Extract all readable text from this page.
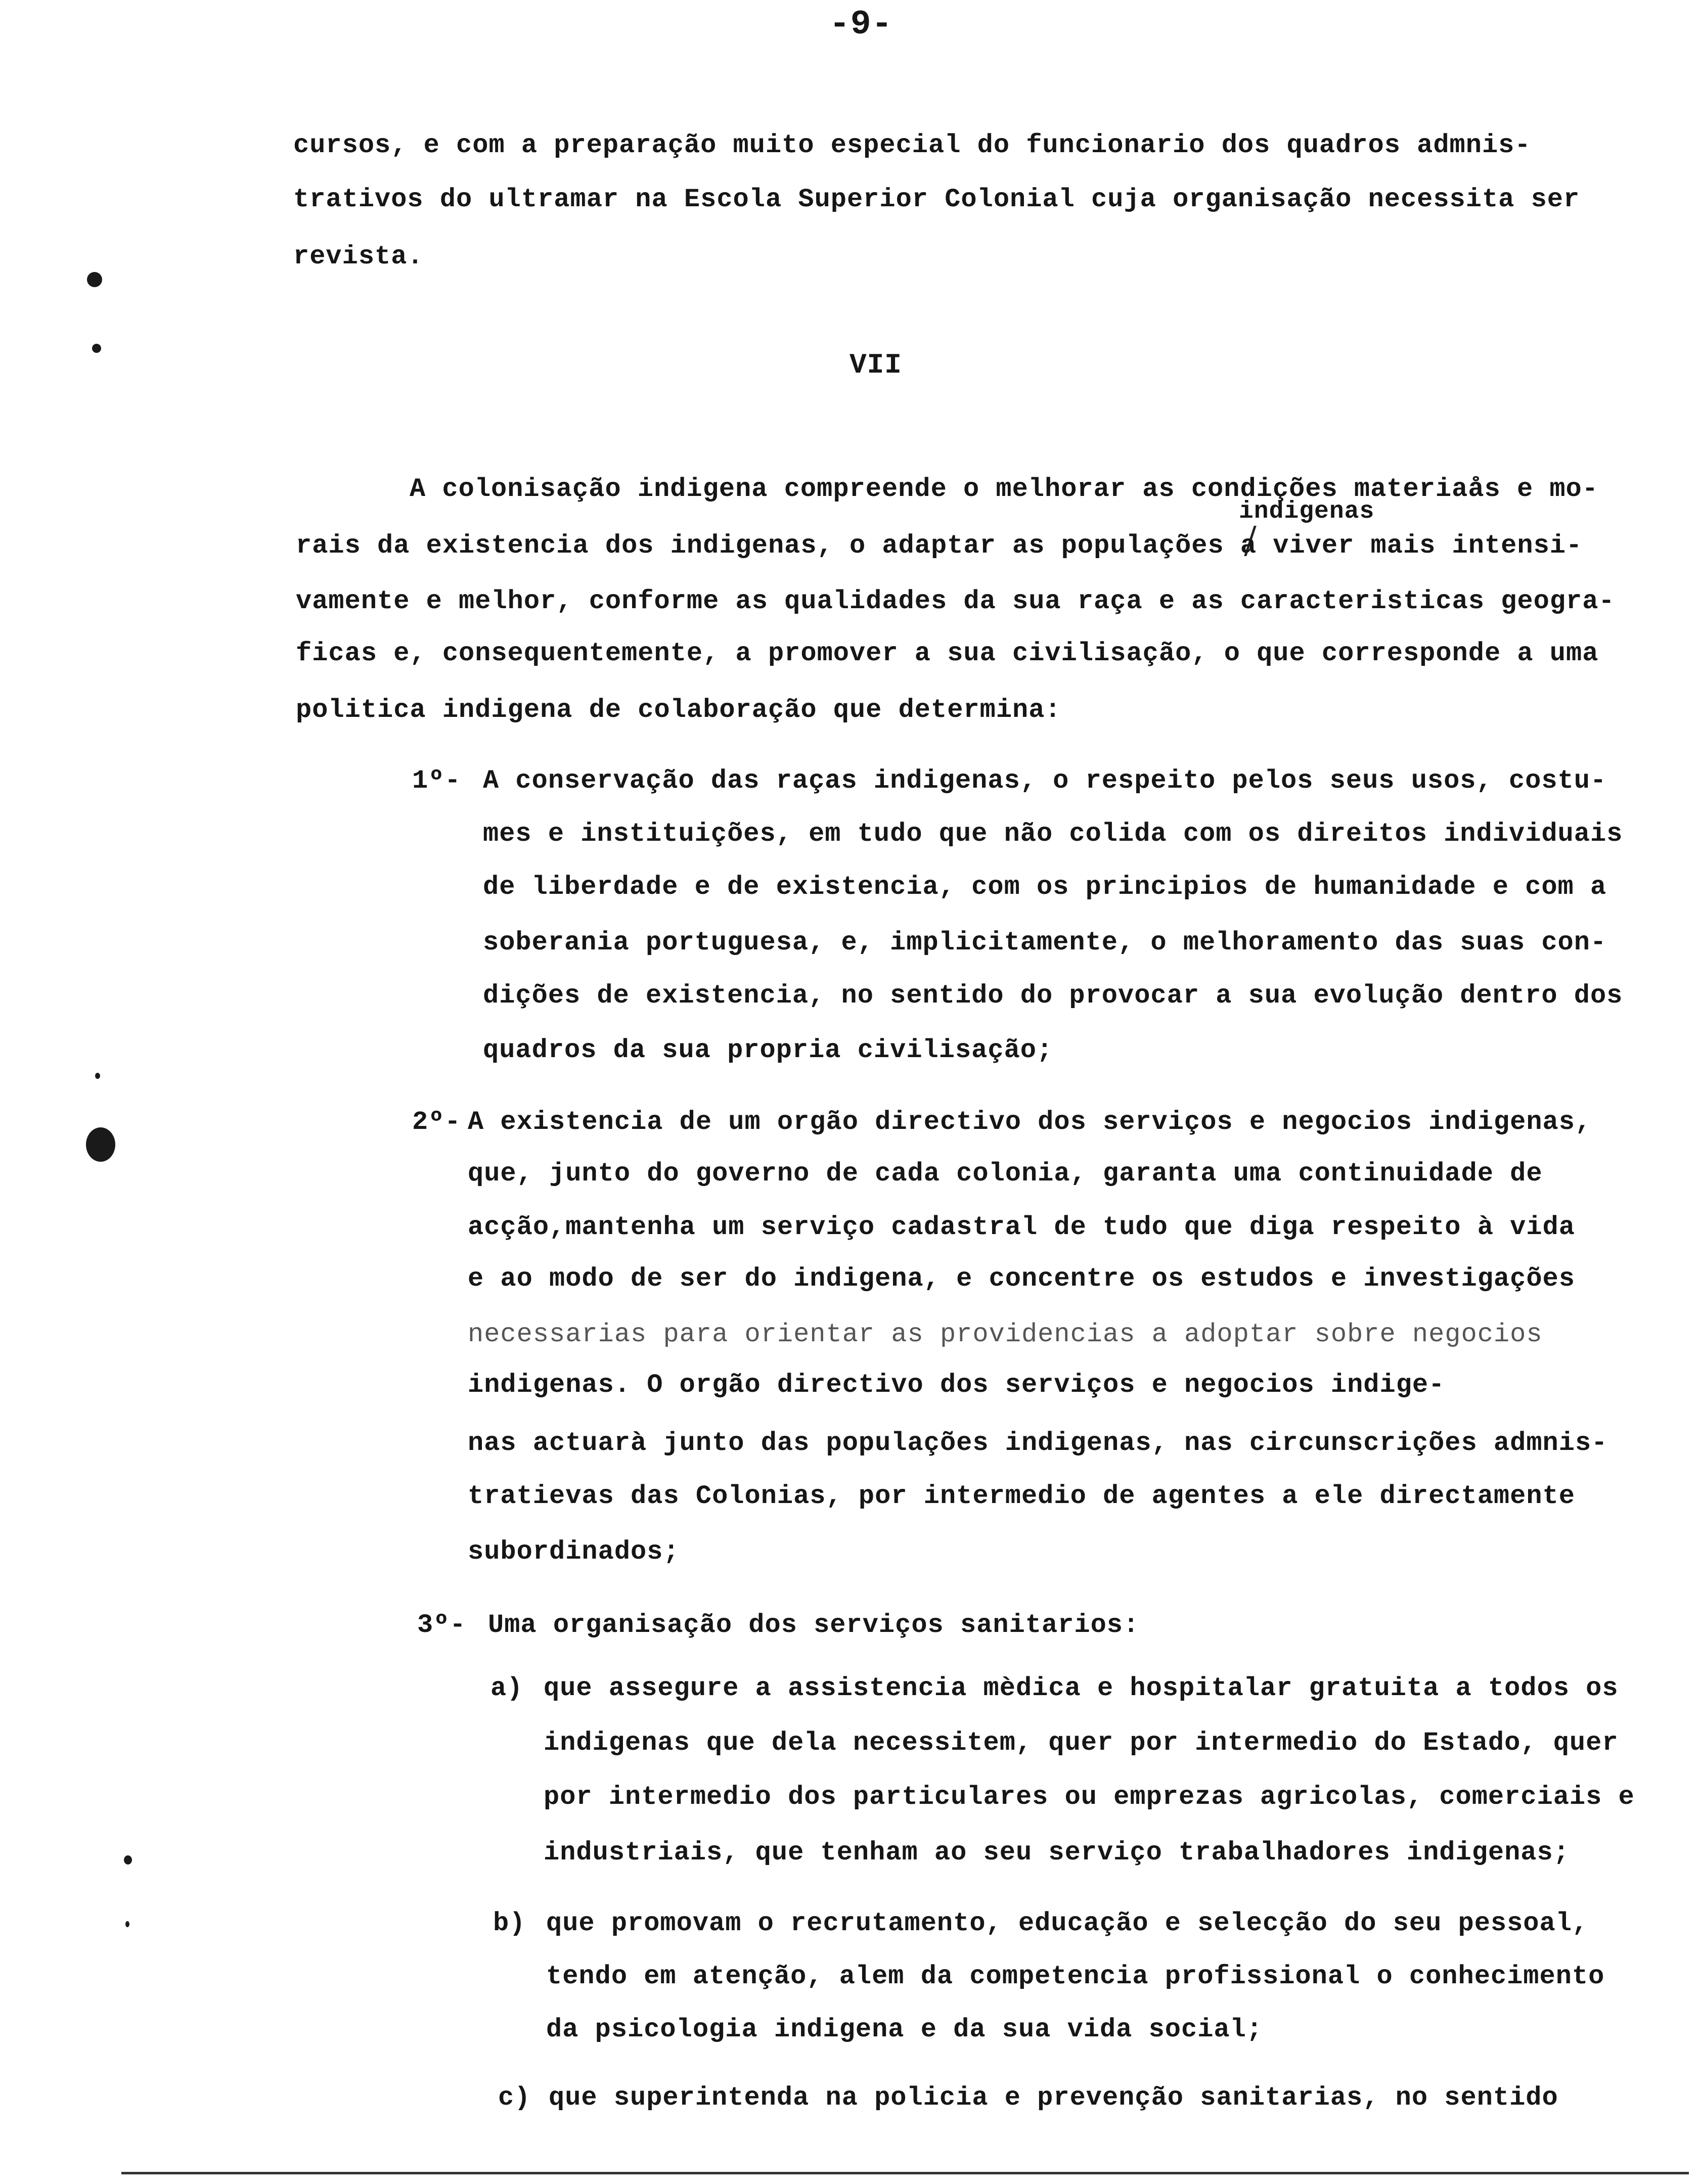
-9-
cursos, e com a preparação muito especial do funcionario dos quadros admnis-
trativos do ultramar na Escola Superior Colonial cuja organisação necessita ser
revista.
VII
A colonisação indigena compreende o melhorar as condições materiaås e mo-
indigenas
rais da existencia dos indigenas, o adaptar as populações a viver mais intensi-
vamente e melhor, conforme as qualidades da sua raça e as caracteristicas geogra-
ficas e, consequentemente, a promover a sua civilisação, o que corresponde a uma
politica indigena de colaboração que determina:
1º- A conservação das raças indigenas, o respeito pelos seus usos, costu-
mes e instituições, em tudo que não colida com os direitos individuais
de liberdade e de existencia, com os principios de humanidade e com a
soberania portuguesa, e, implicitamente, o melhoramento das suas con-
dições de existencia, no sentido do provocar a sua evolução dentro dos
quadros da sua propria civilisação;
2º- A existencia de um orgão directivo dos serviços e negocios indigenas,
que, junto do governo de cada colonia, garanta uma continuidade de
acção,mantenha um serviço cadastral de tudo que diga respeito à vida
e ao modo de ser do indigena, e concentre os estudos e investigações
necessarias para orientar as providencias a adoptar sobre negocios
indigenas. O orgão directivo dos serviços e negocios indige-
nas actuarà junto das populações indigenas, nas circunscrições admnis-
tratievas das Colonias, por intermedio de agentes a ele directamente
subordinados;
3º- Uma organisação dos serviços sanitarios:
a) que assegure a assistencia mèdica e hospitalar gratuita a todos os
indigenas que dela necessitem, quer por intermedio do Estado, quer
por intermedio dos particulares ou emprezas agricolas, comerciais e
industriais, que tenham ao seu serviço trabalhadores indigenas;
b) que promovam o recrutamento, educação e selecção do seu pessoal,
tendo em atenção, alem da competencia profissional o conhecimento
da psicologia indigena e da sua vida social;
c) que superintenda na policia e prevenção sanitarias, no sentido
